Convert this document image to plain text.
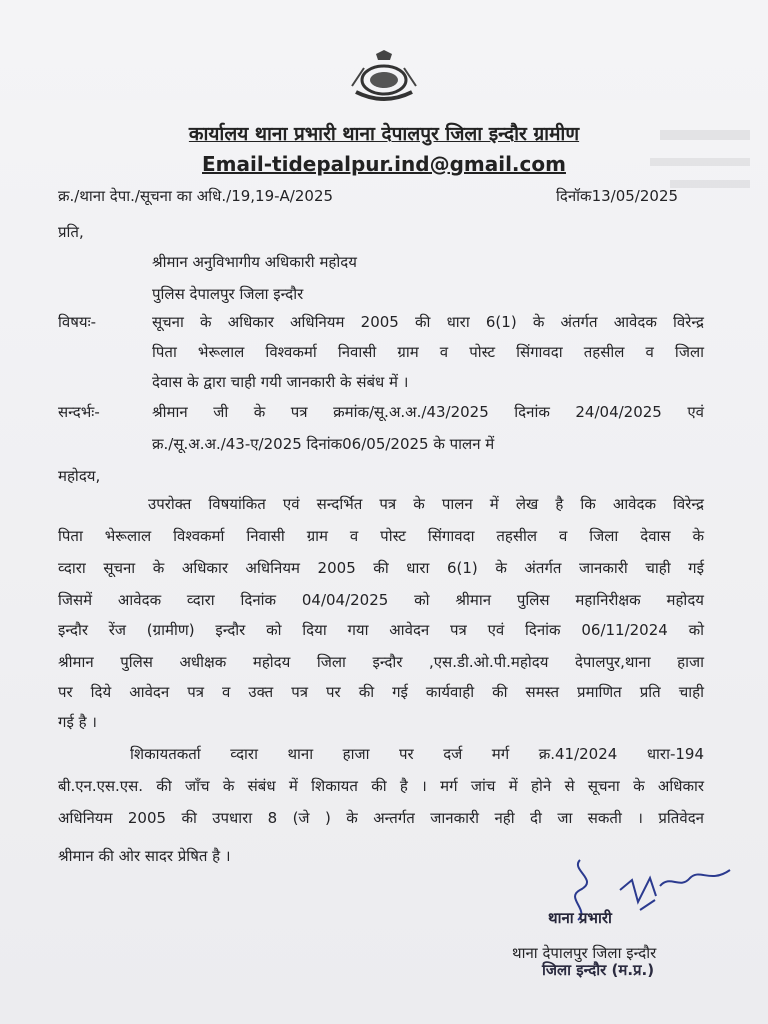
कार्यालय थाना प्रभारी थाना देपालपुर जिला इन्दौर ग्रामीण
Email-tidepalpur.ind@gmail.com
क्र./थाना देपा./सूचना का अधि./19,19-A/2025	दिनॉक13/05/2025
प्रति,
श्रीमान अनुविभागीय अधिकारी महोदय
पुलिस देपालपुर जिला इन्दौर
विषयः-	सूचना के अधिकार अधिनियम 2005 की धारा 6(1) के अंतर्गत आवेदक विरेन्द्र
पिता भेरूलाल विश्वकर्मा निवासी ग्राम व पोस्ट सिंगावदा तहसील व जिला
देवास के द्वारा चाही गयी जानकारी के संबंध में ।
सन्दर्भः-	श्रीमान जी के पत्र क्रमांक/सू.अ.अ./43/2025 दिनांक 24/04/2025 एवं
क्र./सू.अ.अ./43-ए/2025 दिनांक06/05/2025 के पालन में
महोदय,
उपरोक्त विषयांकित एवं सन्दर्भित पत्र के पालन में लेख है कि आवेदक विरेन्द्र
पिता भेरूलाल विश्वकर्मा निवासी ग्राम व पोस्ट सिंगावदा तहसील व जिला देवास के
व्दारा सूचना के अधिकार अधिनियम 2005 की धारा 6(1) के अंतर्गत जानकारी चाही गई
जिसमें आवेदक व्दारा दिनांक 04/04/2025 को श्रीमान पुलिस महानिरीक्षक महोदय
इन्दौर रेंज (ग्रामीण) इन्दौर को दिया गया आवेदन पत्र एवं दिनांक 06/11/2024 को
श्रीमान पुलिस अधीक्षक महोदय जिला इन्दौर ,एस.डी.ओ.पी.महोदय देपालपुर,थाना हाजा
पर दिये आवेदन पत्र व उक्त पत्र पर की गई कार्यवाही की समस्त प्रमाणित प्रति चाही
गई है ।
शिकायतकर्ता व्दारा थाना हाजा पर दर्ज मर्ग क्र.41/2024 धारा-194
बी.एन.एस.एस. की जाँच के संबंध में शिकायत की है । मर्ग जांच में होने से सूचना के अधिकार
अधिनियम 2005 की उपधारा 8 (जे ) के अन्तर्गत जानकारी नही दी जा सकती । प्रतिवेदन
श्रीमान की ओर सादर प्रेषित है ।
थाना प्रभारी
थाना देपालपुर जिला इन्दौर
जिला इन्दौर (म.प्र.)
